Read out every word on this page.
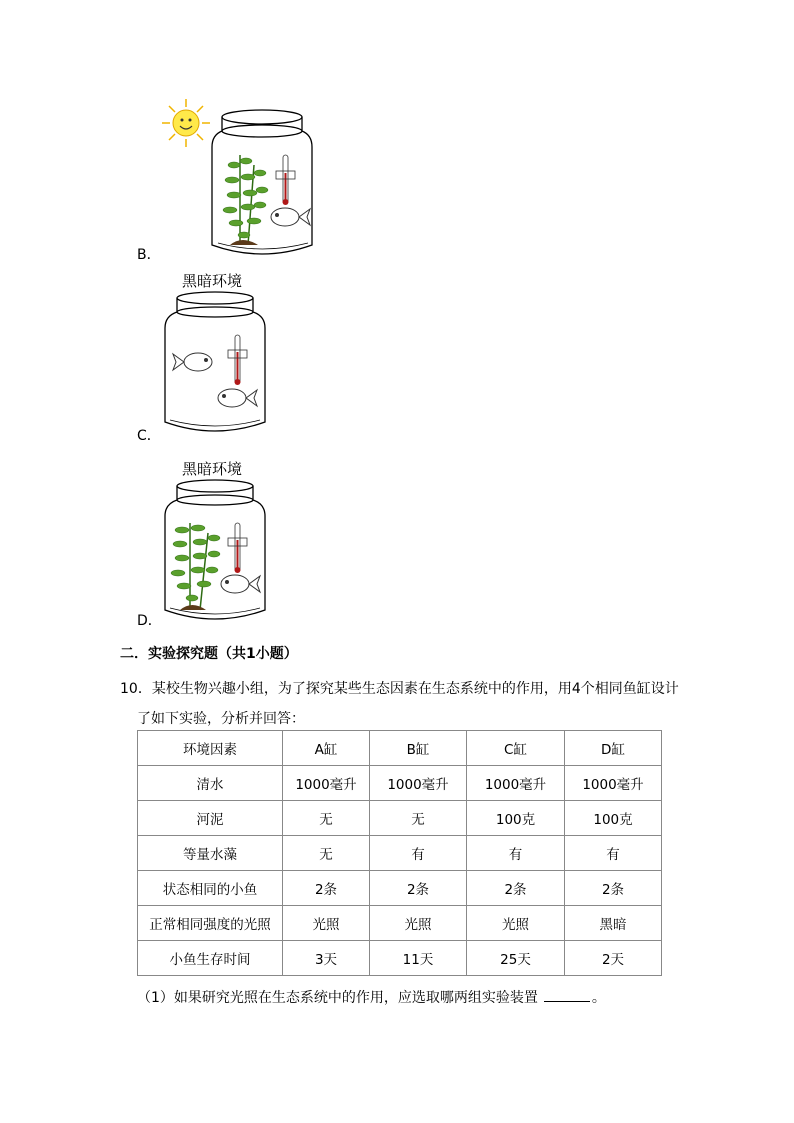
B．
黑暗环境
C．
黑暗环境
D．
二．实验探究题（共1小题）
10．某校生物兴趣小组，为了探究某些生态因素在生态系统中的作用，用4个相同鱼缸设计
了如下实验，分析并回答：
环境因素	A缸	B缸	C缸	D缸
清水	1000毫升	1000毫升	1000毫升	1000毫升
河泥	无	无	100克	100克
等量水藻	无	有	有	有
状态相同的小鱼	2条	2条	2条	2条
正常相同强度的光照	光照	光照	光照	黑暗
小鱼生存时间	3天	11天	25天	2天
（1）如果研究光照在生态系统中的作用，应选取哪两组实验装置	。
